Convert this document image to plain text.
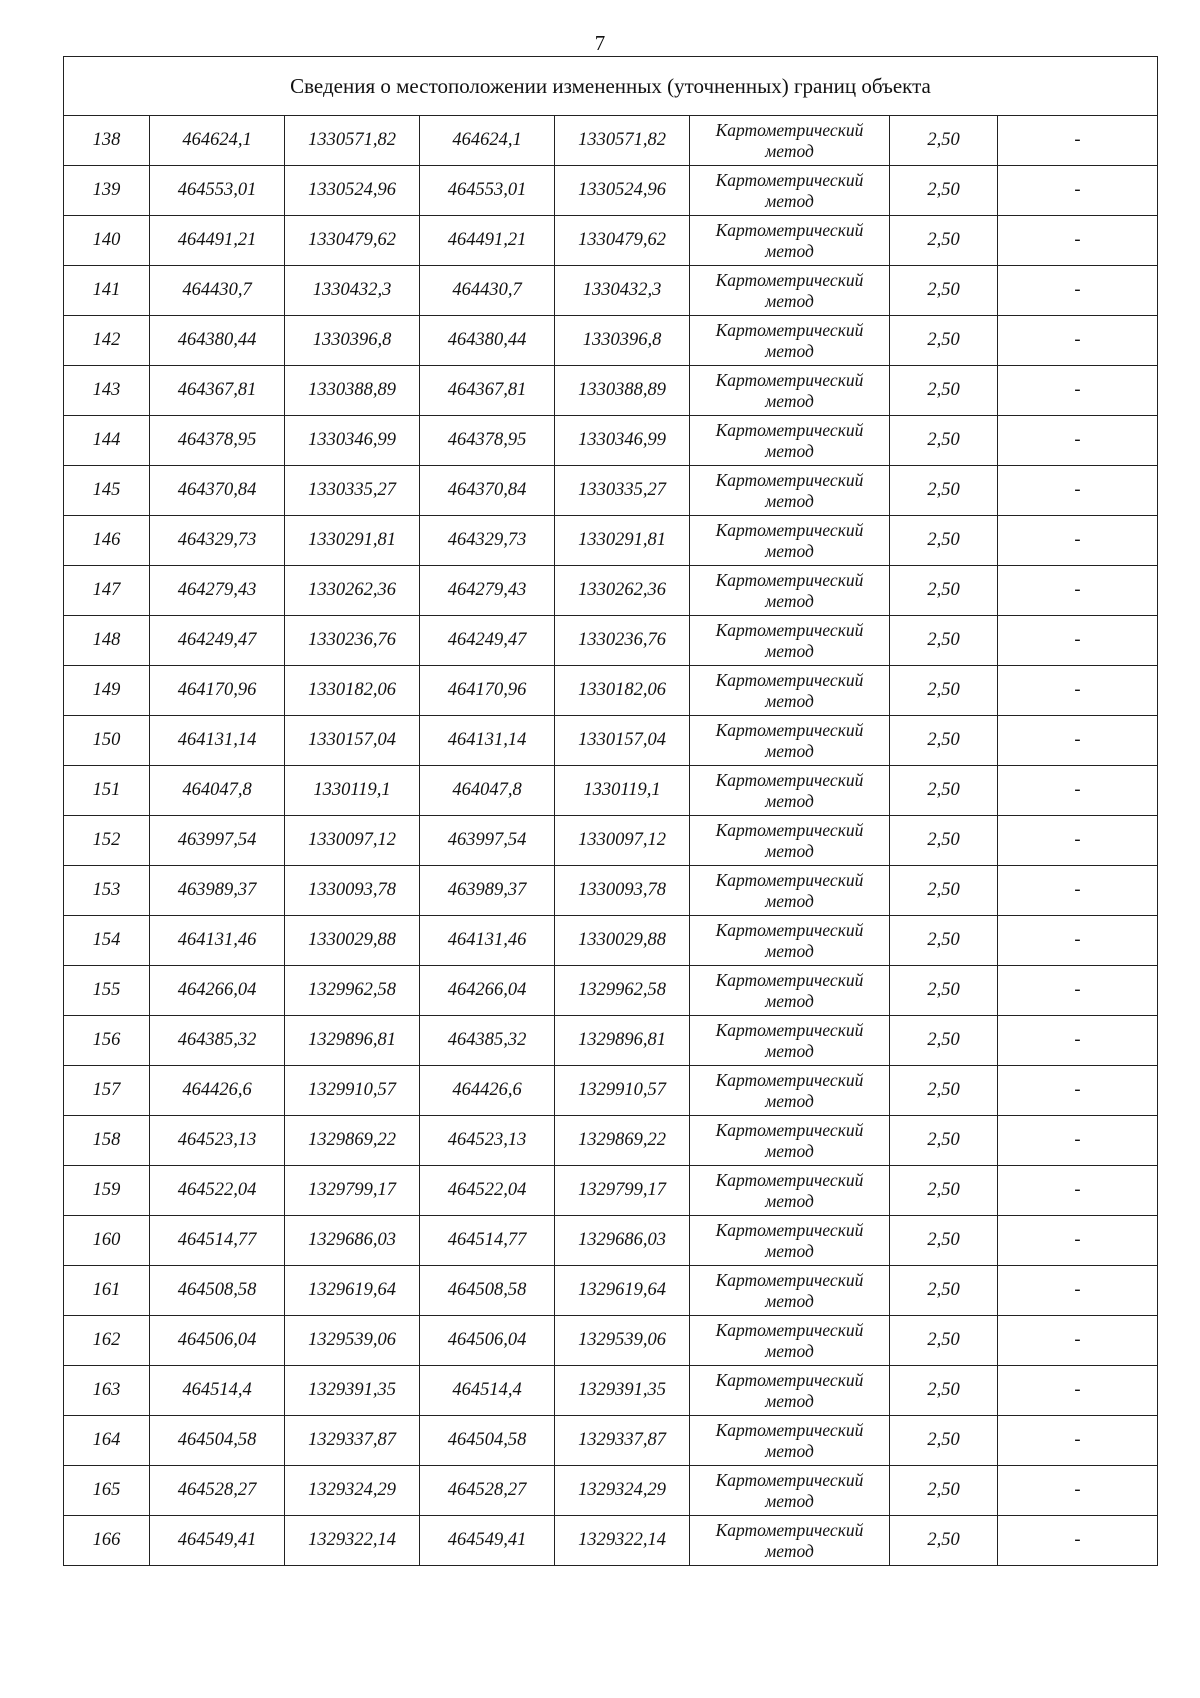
7
Сведения о местоположении измененных (уточненных) границ объекта							
138	464624,1	1330571,82	464624,1	1330571,82	Картометрический
метод	2,50	-
139	464553,01	1330524,96	464553,01	1330524,96	Картометрический
метод	2,50	-
140	464491,21	1330479,62	464491,21	1330479,62	Картометрический
метод	2,50	-
141	464430,7	1330432,3	464430,7	1330432,3	Картометрический
метод	2,50	-
142	464380,44	1330396,8	464380,44	1330396,8	Картометрический
метод	2,50	-
143	464367,81	1330388,89	464367,81	1330388,89	Картометрический
метод	2,50	-
144	464378,95	1330346,99	464378,95	1330346,99	Картометрический
метод	2,50	-
145	464370,84	1330335,27	464370,84	1330335,27	Картометрический
метод	2,50	-
146	464329,73	1330291,81	464329,73	1330291,81	Картометрический
метод	2,50	-
147	464279,43	1330262,36	464279,43	1330262,36	Картометрический
метод	2,50	-
148	464249,47	1330236,76	464249,47	1330236,76	Картометрический
метод	2,50	-
149	464170,96	1330182,06	464170,96	1330182,06	Картометрический
метод	2,50	-
150	464131,14	1330157,04	464131,14	1330157,04	Картометрический
метод	2,50	-
151	464047,8	1330119,1	464047,8	1330119,1	Картометрический
метод	2,50	-
152	463997,54	1330097,12	463997,54	1330097,12	Картометрический
метод	2,50	-
153	463989,37	1330093,78	463989,37	1330093,78	Картометрический
метод	2,50	-
154	464131,46	1330029,88	464131,46	1330029,88	Картометрический
метод	2,50	-
155	464266,04	1329962,58	464266,04	1329962,58	Картометрический
метод	2,50	-
156	464385,32	1329896,81	464385,32	1329896,81	Картометрический
метод	2,50	-
157	464426,6	1329910,57	464426,6	1329910,57	Картометрический
метод	2,50	-
158	464523,13	1329869,22	464523,13	1329869,22	Картометрический
метод	2,50	-
159	464522,04	1329799,17	464522,04	1329799,17	Картометрический
метод	2,50	-
160	464514,77	1329686,03	464514,77	1329686,03	Картометрический
метод	2,50	-
161	464508,58	1329619,64	464508,58	1329619,64	Картометрический
метод	2,50	-
162	464506,04	1329539,06	464506,04	1329539,06	Картометрический
метод	2,50	-
163	464514,4	1329391,35	464514,4	1329391,35	Картометрический
метод	2,50	-
164	464504,58	1329337,87	464504,58	1329337,87	Картометрический
метод	2,50	-
165	464528,27	1329324,29	464528,27	1329324,29	Картометрический
метод	2,50	-
166	464549,41	1329322,14	464549,41	1329322,14	Картометрический
метод	2,50	-
